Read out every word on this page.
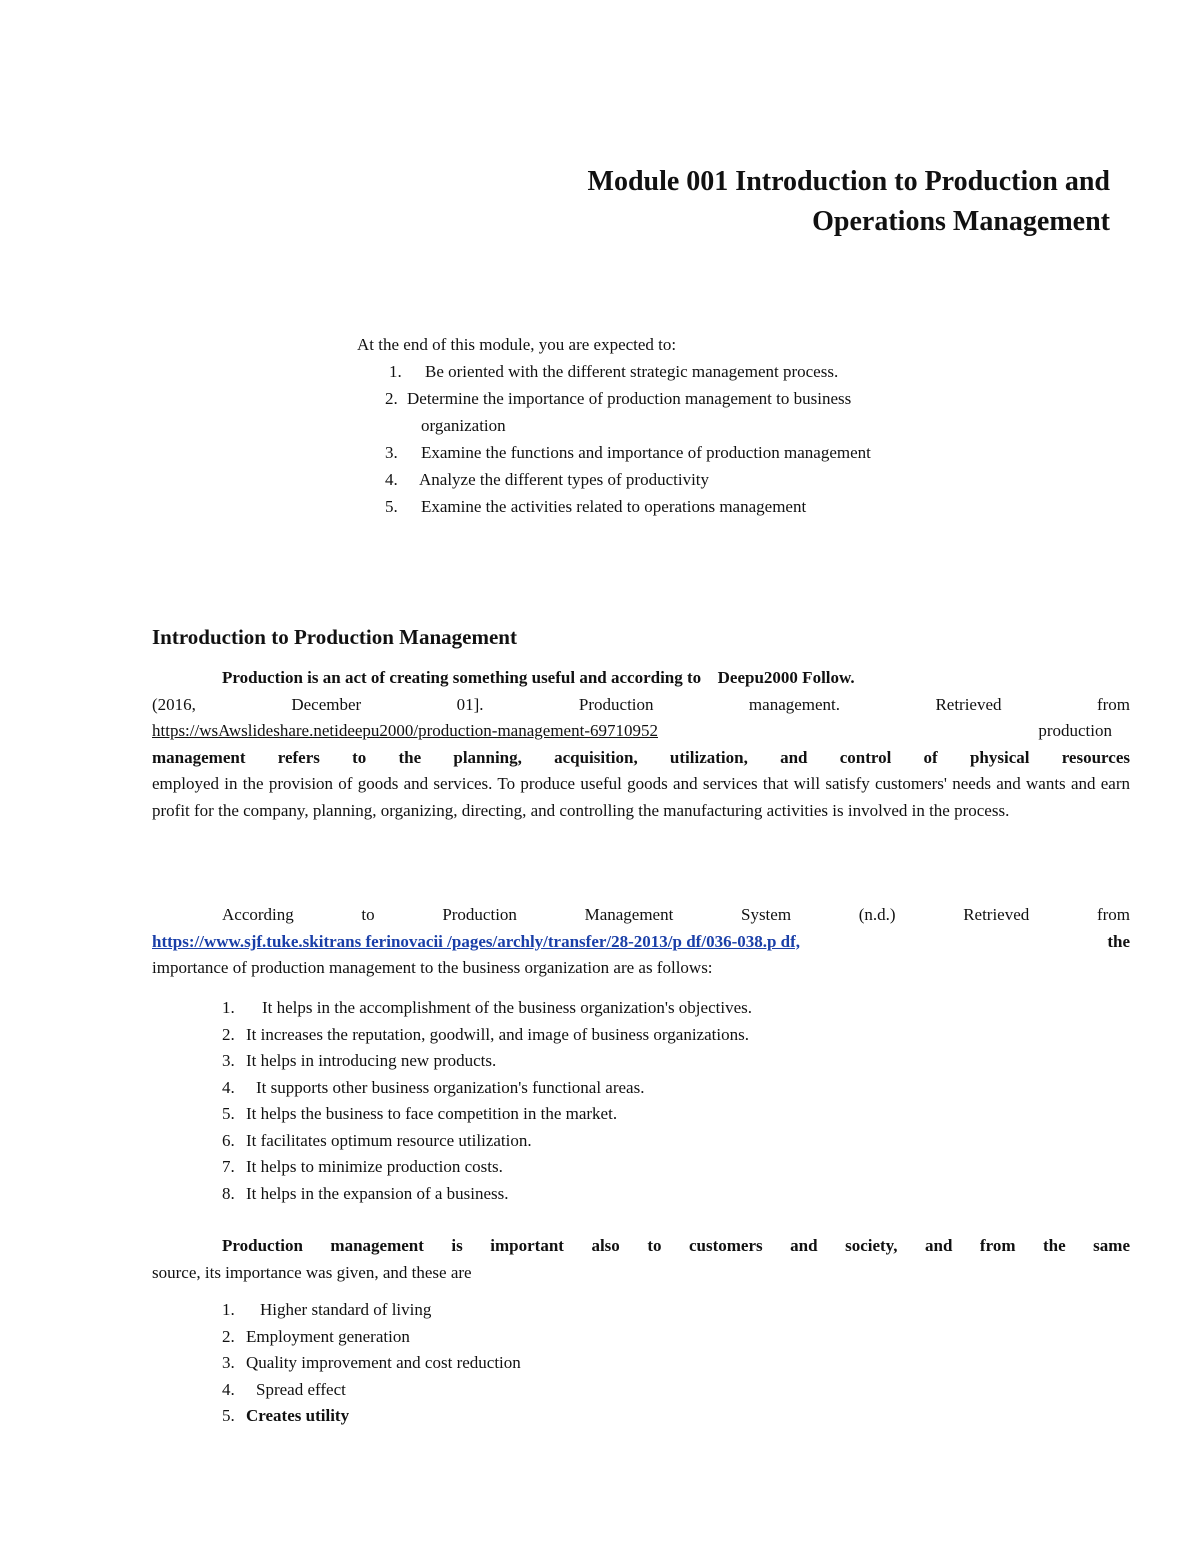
Module 001 Introduction to Production and
Operations Management

At the end of this module, you are expected to:

1. Be oriented with the different strategic management process.
2. Determine the importance of production management to business
organization
3. Examine the functions and importance of production management
4. Analyze the different types of productivity
5. Examine the activities related to operations management
Introduction to Production Management
Production is an act of creating something useful and according to Deepu2000 Follow.
(2016,	December	01].	Production	management.	Retrieved	from
https://wsAwslideshare.netideepu2000/production-management-69710952	production
management refers to the planning, acquisition, utilization, and control of physical resources
employed in the provision of goods and services. To produce useful goods and services that will satisfy customers' needs and wants and earn profit for the company, planning, organizing, directing, and controlling the manufacturing activities is involved in the process.
According	to	Production	Management	System	(n.d.)	Retrieved	from
https://www.sjf.tuke.skitrans ferinovacii /pages/archly/transfer/28-2013/p df/036-038.p df,	the
importance of production management to the business organization are as follows:
1. It helps in the accomplishment of the business organization's objectives.
2. It increases the reputation, goodwill, and image of business organizations.
3. It helps in introducing new products.
4. It supports other business organization's functional areas.
5. It helps the business to face competition in the market.
6. It facilitates optimum resource utilization.
7. It helps to minimize production costs.
8. It helps in the expansion of a business.
Production management is important also to customers and society, and from the same
source, its importance was given, and these are
1. Higher standard of living
2. Employment generation
3. Quality improvement and cost reduction
4. Spread effect
5. Creates utility
